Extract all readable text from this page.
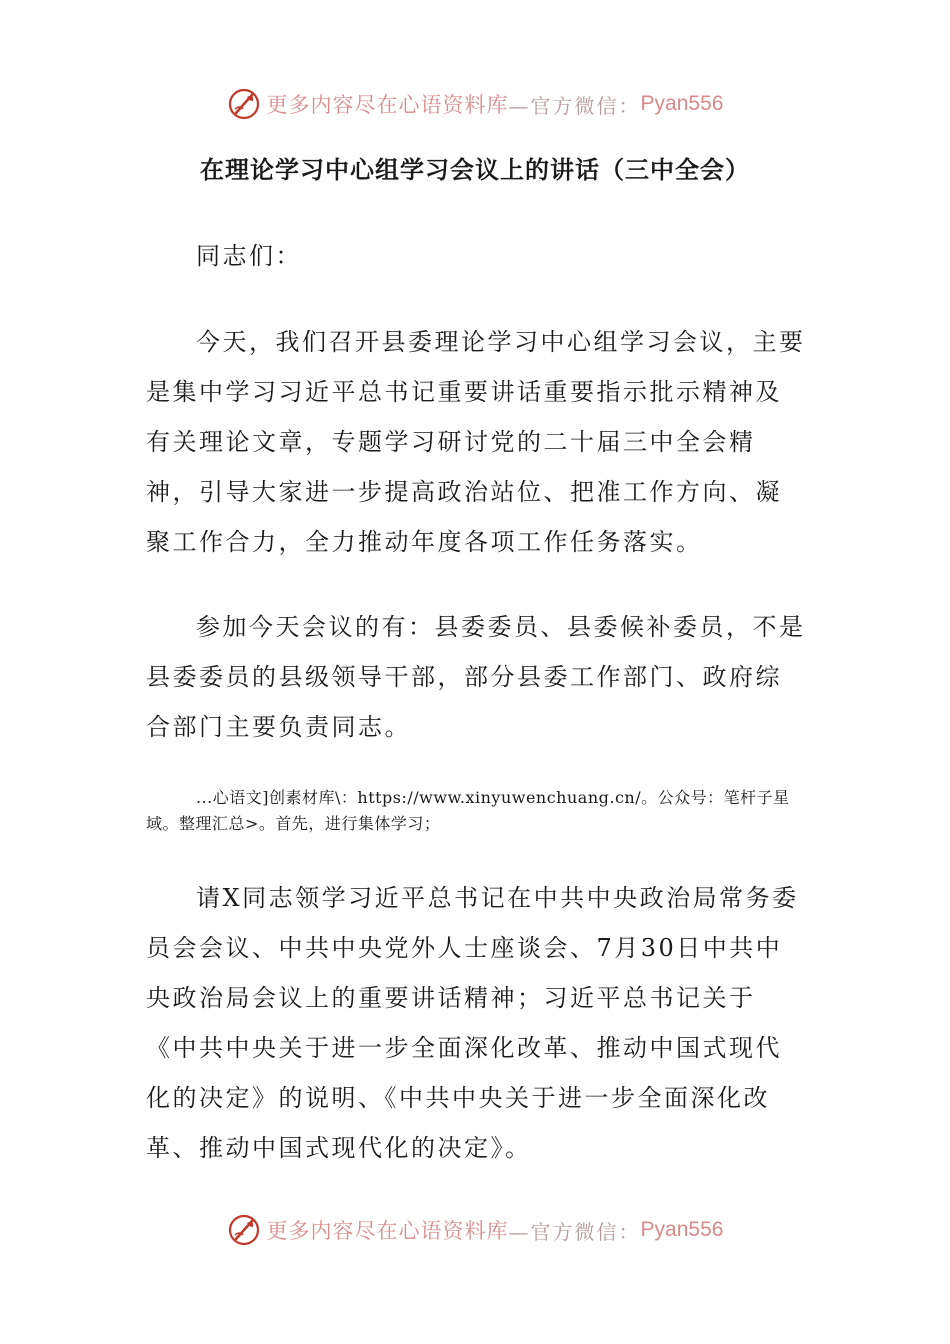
更多内容尽在心语资料库 —官方微信： Pyan556
在理论学习中心组学习会议上的讲话（三中全会）

同志们：

今天，我们召开县委理论学习中心组学习会议，主要是集中学习习近平总书记重要讲话重要指示批示精神及有关理论文章，专题学习研讨党的二十届三中全会精神，引导大家进一步提高政治站位、把准工作方向、凝聚工作合力，全力推动年度各项工作任务落实。

参加今天会议的有：县委委员、县委候补委员，不是县委委员的县级领导干部，部分县委工作部门、政府综合部门主要负责同志。

...心语文]创素材库\：https://www.xinyuwenchuang.cn/。公众号：笔杆子星域。整理汇总>。首先，进行集体学习；

请X同志领学习近平总书记在中共中央政治局常务委员会会议、中共中央党外人士座谈会、7月30日中共中央政治局会议上的重要讲话精神；习近平总书记关于《中共中央关于进一步全面深化改革、推动中国式现代化的决定》的说明、《中共中央关于进一步全面深化改革、推动中国式现代化的决定》。

更多内容尽在心语资料库 —官方微信： Pyan556
